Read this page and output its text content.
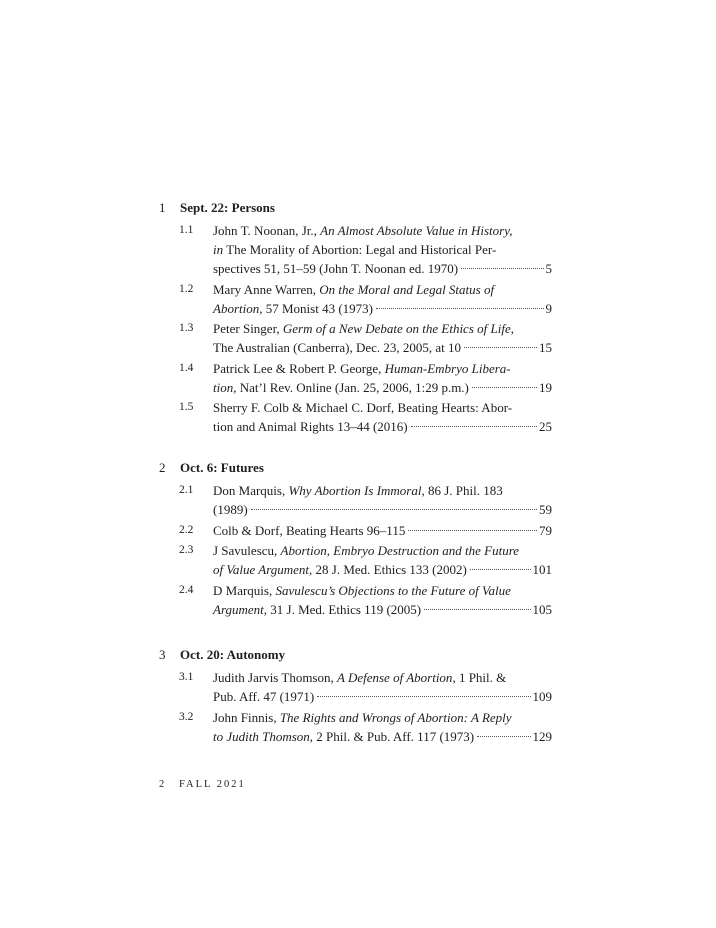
1 Sept. 22: Persons
1.1 John T. Noonan, Jr., An Almost Absolute Value in History,
in The Morality of Abortion: Legal and Historical Per-
spectives 51, 51–59 (John T. Noonan ed. 1970)	5
1.2 Mary Anne Warren, On the Moral and Legal Status of
Abortion, 57 Monist 43 (1973)	9
1.3 Peter Singer, Germ of a New Debate on the Ethics of Life,
The Australian (Canberra), Dec. 23, 2005, at 10	15
1.4 Patrick Lee & Robert P. George, Human-Embryo Libera-
tion, Nat’l Rev. Online (Jan. 25, 2006, 1:29 p.m.)	19
1.5 Sherry F. Colb & Michael C. Dorf, Beating Hearts: Abor-
tion and Animal Rights 13–44 (2016)	25
2 Oct. 6: Futures
2.1 Don Marquis, Why Abortion Is Immoral, 86 J. Phil. 183
(1989)	59
2.2 Colb & Dorf, Beating Hearts 96–115	79
2.3 J Savulescu, Abortion, Embryo Destruction and the Future
of Value Argument, 28 J. Med. Ethics 133 (2002)	101
2.4 D Marquis, Savulescu’s Objections to the Future of Value
Argument, 31 J. Med. Ethics 119 (2005)	105
3 Oct. 20: Autonomy
3.1 Judith Jarvis Thomson, A Defense of Abortion, 1 Phil. &
Pub. Aff. 47 (1971)	109
3.2 John Finnis, The Rights and Wrongs of Abortion: A Reply
to Judith Thomson, 2 Phil. & Pub. Aff. 117 (1973)	129
2 FALL 2021
